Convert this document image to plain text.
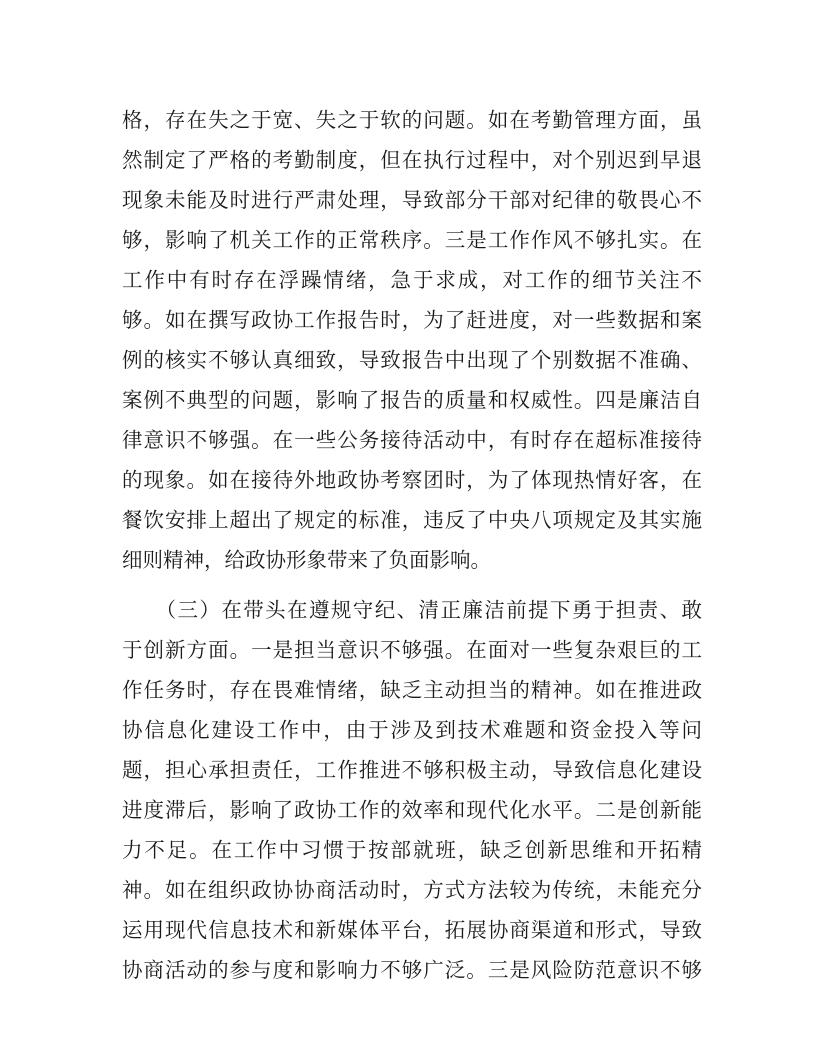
格，存在失之于宽、失之于软的问题。如在考勤管理方面，虽
然制定了严格的考勤制度，但在执行过程中，对个别迟到早退
现象未能及时进行严肃处理，导致部分干部对纪律的敬畏心不
够，影响了机关工作的正常秩序。三是工作作风不够扎实。在
工作中有时存在浮躁情绪，急于求成，对工作的细节关注不
够。如在撰写政协工作报告时，为了赶进度，对一些数据和案
例的核实不够认真细致，导致报告中出现了个别数据不准确、
案例不典型的问题，影响了报告的质量和权威性。四是廉洁自
律意识不够强。在一些公务接待活动中，有时存在超标准接待
的现象。如在接待外地政协考察团时，为了体现热情好客，在
餐饮安排上超出了规定的标准，违反了中央八项规定及其实施
细则精神，给政协形象带来了负面影响。
　　（三）在带头在遵规守纪、清正廉洁前提下勇于担责、敢
于创新方面。一是担当意识不够强。在面对一些复杂艰巨的工
作任务时，存在畏难情绪，缺乏主动担当的精神。如在推进政
协信息化建设工作中，由于涉及到技术难题和资金投入等问
题，担心承担责任，工作推进不够积极主动，导致信息化建设
进度滞后，影响了政协工作的效率和现代化水平。二是创新能
力不足。在工作中习惯于按部就班，缺乏创新思维和开拓精
神。如在组织政协协商活动时，方式方法较为传统，未能充分
运用现代信息技术和新媒体平台，拓展协商渠道和形式，导致
协商活动的参与度和影响力不够广泛。三是风险防范意识不够
